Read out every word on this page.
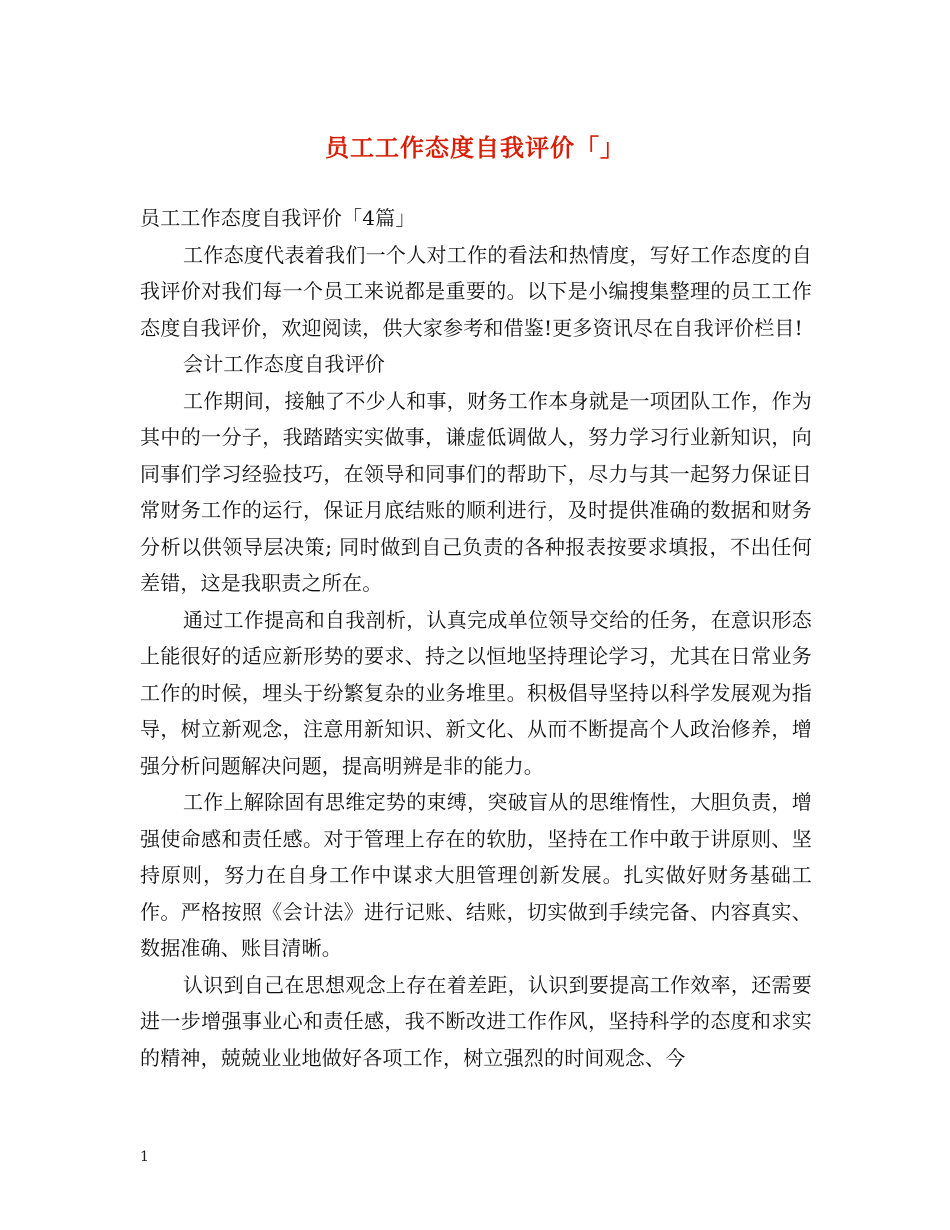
员工工作态度自我评价「」

员工工作态度自我评价「4篇」

工作态度代表着我们一个人对工作的看法和热情度，写好工作态度的自我评价对我们每一个员工来说都是重要的。以下是小编搜集整理的员工工作态度自我评价，欢迎阅读，供大家参考和借鉴!更多资讯尽在自我评价栏目!

会计工作态度自我评价

工作期间，接触了不少人和事，财务工作本身就是一项团队工作，作为其中的一分子，我踏踏实实做事，谦虚低调做人，努力学习行业新知识，向同事们学习经验技巧，在领导和同事们的帮助下，尽力与其一起努力保证日常财务工作的运行，保证月底结账的顺利进行，及时提供准确的数据和财务分析以供领导层决策; 同时做到自己负责的各种报表按要求填报，不出任何差错，这是我职责之所在。

通过工作提高和自我剖析，认真完成单位领导交给的任务，在意识形态上能很好的适应新形势的要求、持之以恒地坚持理论学习，尤其在日常业务工作的时候，埋头于纷繁复杂的业务堆里。积极倡导坚持以科学发展观为指导，树立新观念，注意用新知识、新文化、从而不断提高个人政治修养，增强分析问题解决问题，提高明辨是非的能力。

工作上解除固有思维定势的束缚，突破盲从的思维惰性，大胆负责，增强使命感和责任感。对于管理上存在的软肋，坚持在工作中敢于讲原则、坚持原则，努力在自身工作中谋求大胆管理创新发展。扎实做好财务基础工作。严格按照《会计法》进行记账、结账，切实做到手续完备、内容真实、数据准确、账目清晰。

认识到自己在思想观念上存在着差距，认识到要提高工作效率，还需要进一步增强事业心和责任感，我不断改进工作作风，坚持科学的态度和求实的精神，兢兢业业地做好各项工作，树立强烈的时间观念、今

1
